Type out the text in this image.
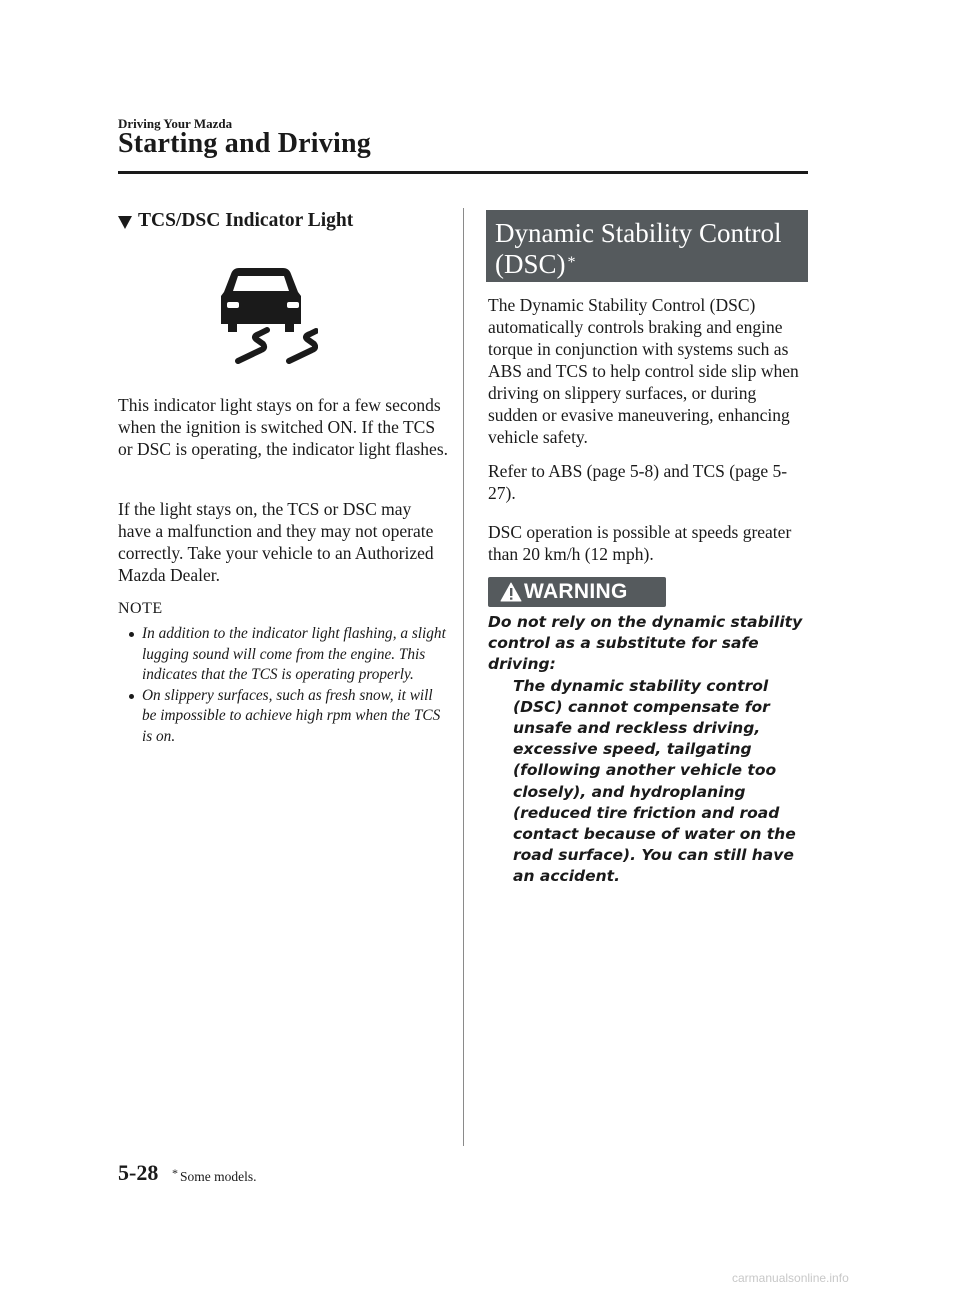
Driving Your Mazda
Starting and Driving
TCS/DSC Indicator Light

This indicator light stays on for a few seconds when the ignition is switched ON. If the TCS or DSC is operating, the indicator light flashes.

If the light stays on, the TCS or DSC may have a malfunction and they may not operate correctly. Take your vehicle to an Authorized Mazda Dealer.

NOTE
In addition to the indicator light flashing, a slight lugging sound will come from the engine. This indicates that the TCS is operating properly.
On slippery surfaces, such as fresh snow, it will be impossible to achieve high rpm when the TCS is on.
Dynamic Stability Control (DSC) *

The Dynamic Stability Control (DSC) automatically controls braking and engine torque in conjunction with systems such as ABS and TCS to help control side slip when driving on slippery surfaces, or during sudden or evasive maneuvering, enhancing vehicle safety.

Refer to ABS (page 5-8) and TCS (page 5-27).

DSC operation is possible at speeds greater than 20 km/h (12 mph).

WARNING

Do not rely on the dynamic stability control as a substitute for safe driving:

The dynamic stability control (DSC) cannot compensate for unsafe and reckless driving, excessive speed, tailgating (following another vehicle too closely), and hydroplaning (reduced tire friction and road contact because of water on the road surface). You can still have an accident.

5-28 * Some models.
carmanualsonline.info
